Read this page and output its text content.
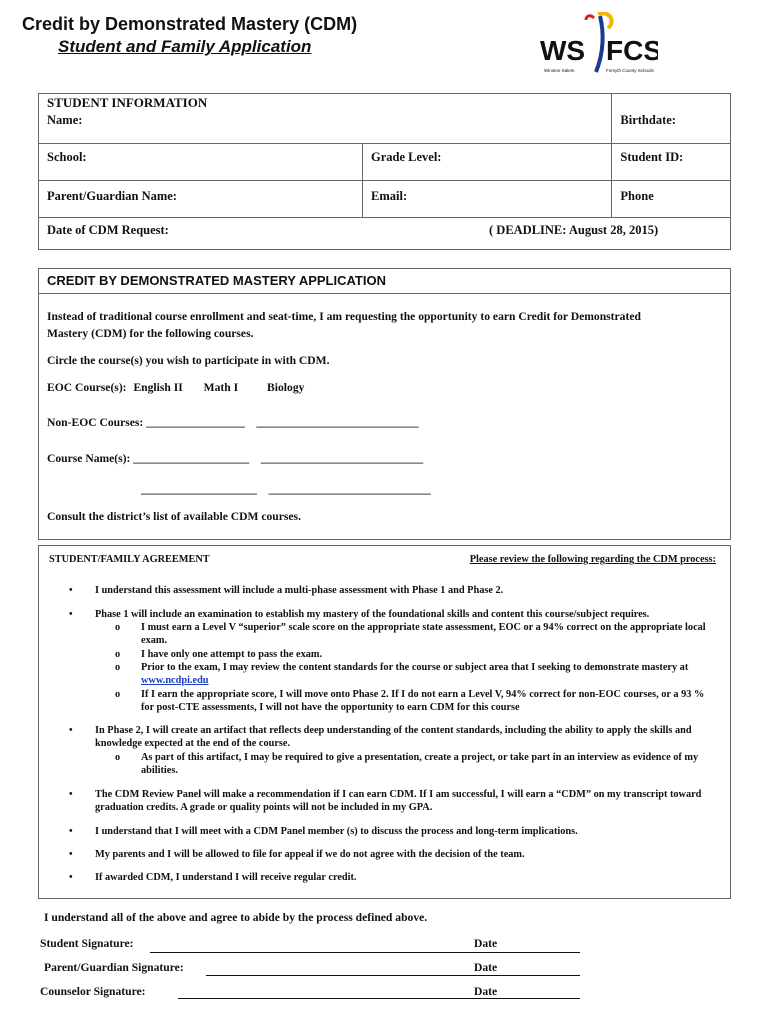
Credit by Demonstrated Mastery (CDM)
Student and Family Application	WS FCS
Winston-Salem	Forsyth County Schools
STUDENT INFORMATION
Name:		Birthdate:
School:	Grade Level:	Student ID:
Parent/Guardian Name:	Email:	Phone
Date of CDM Request: ( DEADLINE: August 28, 2015)		
CREDIT BY DEMONSTRATED MASTERY APPLICATION
Instead of traditional course enrollment and seat-time, I am requesting the opportunity to earn Credit for Demonstrated
Mastery (CDM) for the following courses.
Circle the course(s) you wish to participate in with CDM.
EOC Course(s): English II Math I Biology
Non-EOC Courses: _________________    ____________________________
Course Name(s): ____________________    ____________________________
____________________    ____________________________
Consult the district’s list of available CDM courses.
STUDENT/FAMILY AGREEMENT	Please review the following regarding the CDM process:
• I understand this assessment will include a multi-phase assessment with Phase 1 and Phase 2.
• Phase 1 will include an examination to establish my mastery of the foundational skills and content this course/subject requires.
o I must earn a Level V “superior” scale score on the appropriate state assessment, EOC or a 94% correct on the appropriate local exam.
o I have only one attempt to pass the exam.
o Prior to the exam, I may review the content standards for the course or subject area that I seeking to demonstrate mastery at www.ncdpi.edu
o If I earn the appropriate score, I will move onto Phase 2. If I do not earn a Level V, 94% correct for non-EOC courses, or a 93 % for post-CTE assessments, I will not have the opportunity to earn CDM for this course
• In Phase 2, I will create an artifact that reflects deep understanding of the content standards, including the ability to apply the skills and knowledge expected at the end of the course.
o As part of this artifact, I may be required to give a presentation, create a project, or take part in an interview as evidence of my abilities.
• The CDM Review Panel will make a recommendation if I can earn CDM. If I am successful, I will earn a “CDM” on my transcript toward graduation credits. A grade or quality points will not be included in my GPA.
• I understand that I will meet with a CDM Panel member (s) to discuss the process and long-term implications.
• My parents and I will be allowed to file for appeal if we do not agree with the decision of the team.
• If awarded CDM, I understand I will receive regular credit.
I understand all of the above and agree to abide by the process defined above.
Student Signature:	Date
Parent/Guardian Signature:	Date
Counselor Signature:	Date
